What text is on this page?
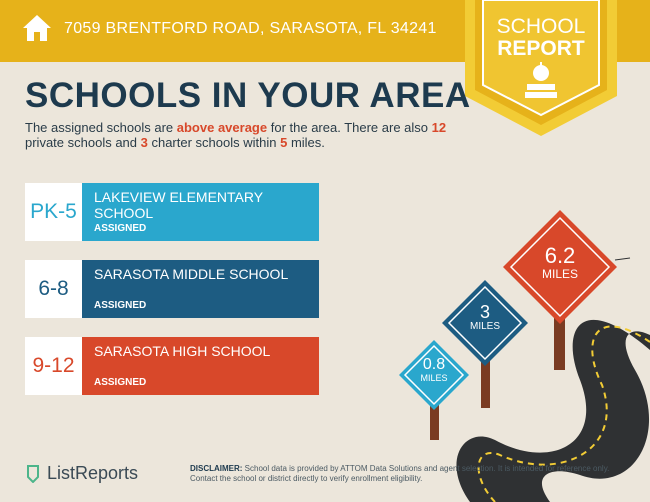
7059 BRENTFORD ROAD, SARASOTA, FL 34241	SCHOOL
REPORT
SCHOOLS IN YOUR AREA
The assigned schools are above average for the area. There are also 12 private schools and 3 charter schools within 5 miles.
PK-5
LAKEVIEW ELEMENTARY SCHOOL
ASSIGNED
6-8
SARASOTA MIDDLE SCHOOL
ASSIGNED
9-12
SARASOTA HIGH SCHOOL
ASSIGNED
0.8
MILES
3
MILES
6.2
MILES
ListReports	DISCLAIMER: School data is provided by ATTOM Data Solutions and agent selection. It is intended for reference only. Contact the school or district directly to verify enrollment eligibility.
